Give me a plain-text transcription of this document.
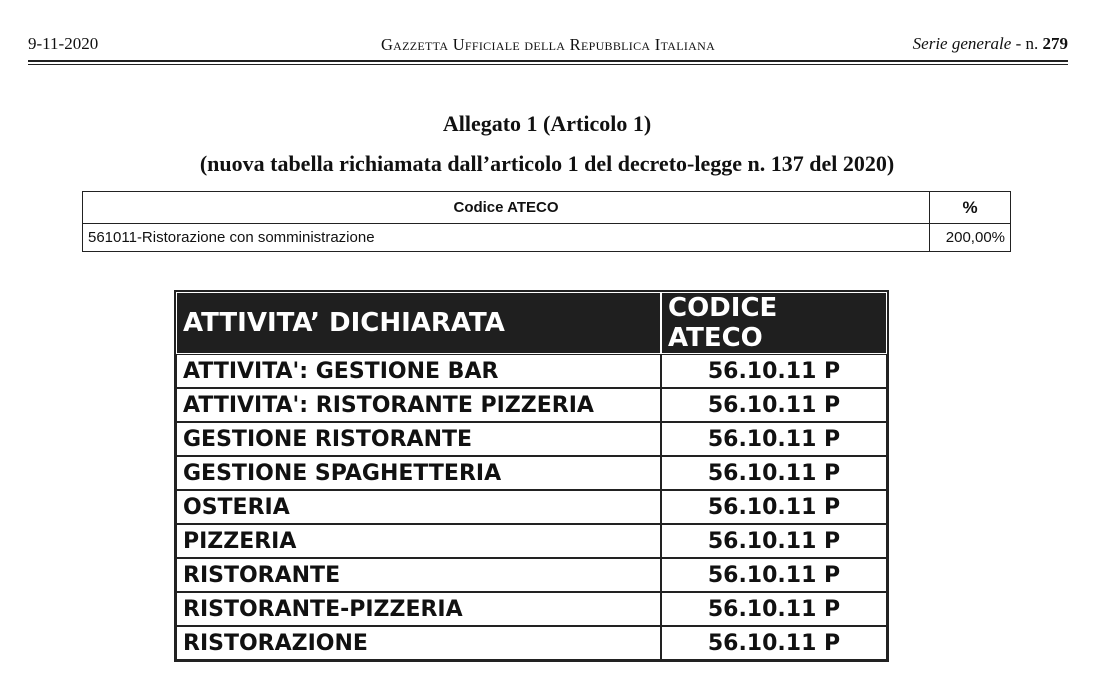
9-11-2020	Gazzetta Ufficiale della Repubblica Italiana	Serie generale - n. 279
Allegato 1 (Articolo 1)
(nuova tabella richiamata dall’articolo 1 del decreto-legge n. 137 del 2020)
Codice ATECO	%
561011-Ristorazione con somministrazione	200,00%
ATTIVITA’ DICHIARATA	CODICE ATECO
ATTIVITA': GESTIONE BAR	56.10.11 P
ATTIVITA': RISTORANTE PIZZERIA	56.10.11 P
GESTIONE RISTORANTE	56.10.11 P
GESTIONE SPAGHETTERIA	56.10.11 P
OSTERIA	56.10.11 P
PIZZERIA	56.10.11 P
RISTORANTE	56.10.11 P
RISTORANTE-PIZZERIA	56.10.11 P
RISTORAZIONE	56.10.11 P
